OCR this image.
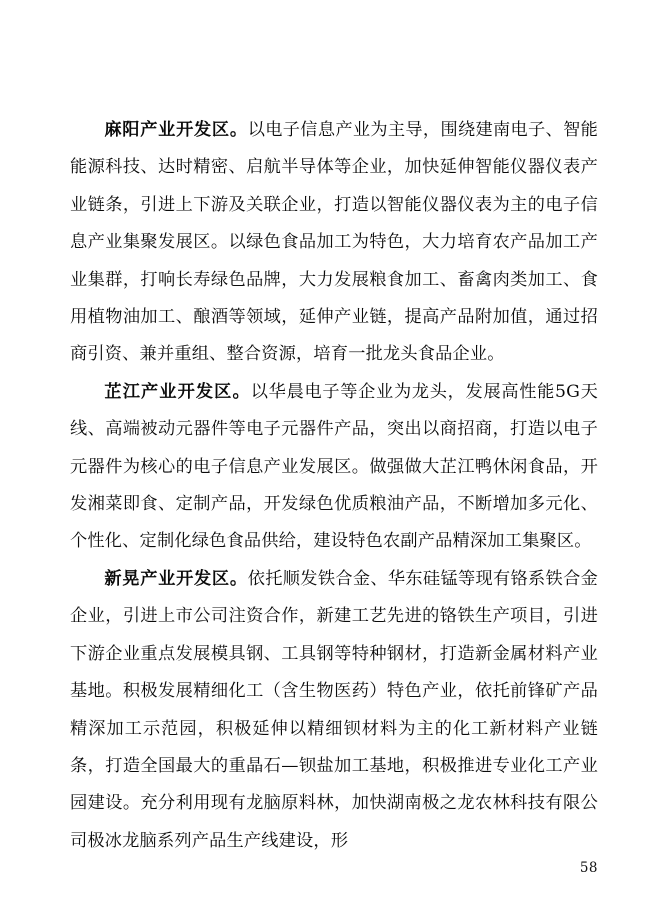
麻阳产业开发区。以电子信息产业为主导，围绕建南电子、智能能源科技、达时精密、启航半导体等企业，加快延伸智能仪器仪表产业链条，引进上下游及关联企业，打造以智能仪器仪表为主的电子信息产业集聚发展区。以绿色食品加工为特色，大力培育农产品加工产业集群，打响长寿绿色品牌，大力发展粮食加工、畜禽肉类加工、食用植物油加工、酿酒等领域，延伸产业链，提高产品附加值，通过招商引资、兼并重组、整合资源，培育一批龙头食品企业。

芷江产业开发区。以华晨电子等企业为龙头，发展高性能5G天线、高端被动元器件等电子元器件产品，突出以商招商，打造以电子元器件为核心的电子信息产业发展区。做强做大芷江鸭休闲食品，开发湘菜即食、定制产品，开发绿色优质粮油产品，不断增加多元化、个性化、定制化绿色食品供给，建设特色农副产品精深加工集聚区。

新晃产业开发区。依托顺发铁合金、华东硅锰等现有铬系铁合金企业，引进上市公司注资合作，新建工艺先进的铬铁生产项目，引进下游企业重点发展模具钢、工具钢等特种钢材，打造新金属材料产业基地。积极发展精细化工（含生物医药）特色产业，依托前锋矿产品精深加工示范园，积极延伸以精细钡材料为主的化工新材料产业链条，打造全国最大的重晶石—钡盐加工基地，积极推进专业化工产业园建设。充分利用现有龙脑原料林，加快湖南极之龙农林科技有限公司极冰龙脑系列产品生产线建设，形

58
